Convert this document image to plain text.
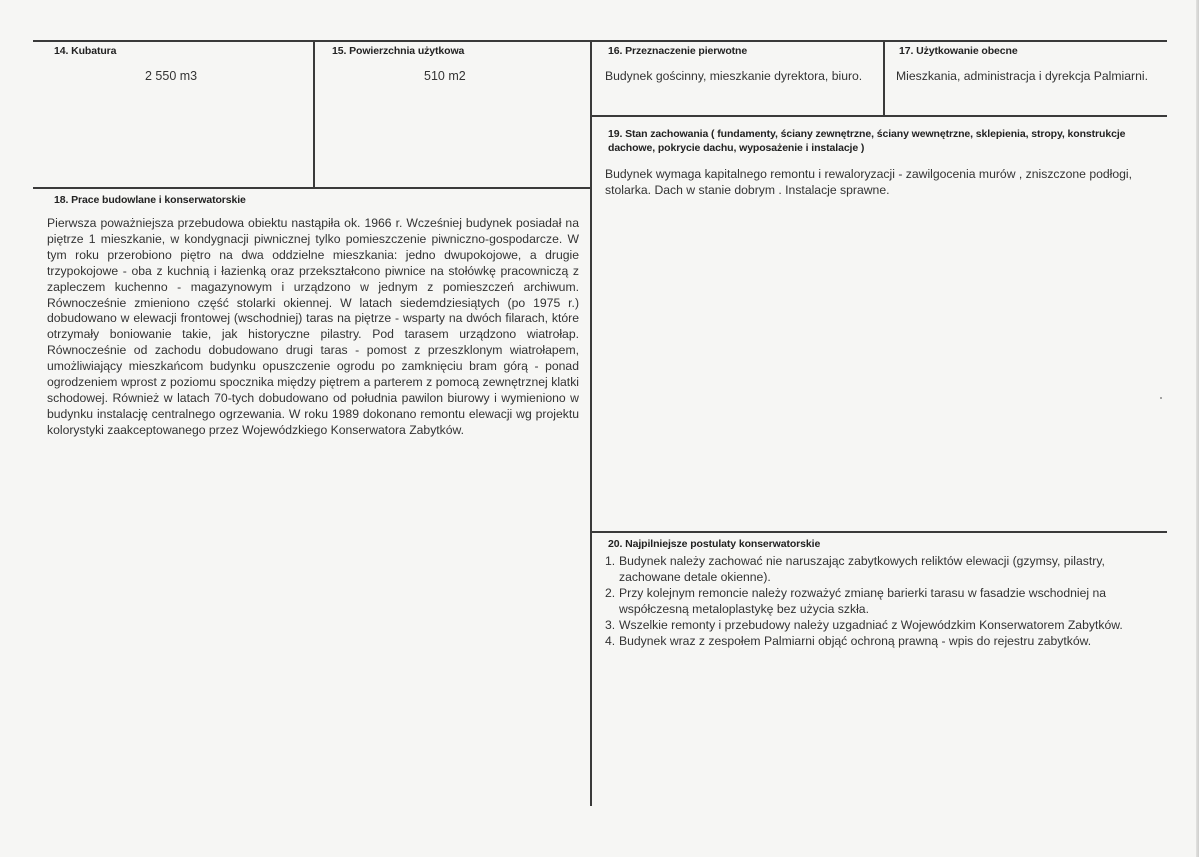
14. Kubatura
2 550 m3
15. Powierzchnia użytkowa
510 m2
16. Przeznaczenie pierwotne
Budynek gościnny, mieszkanie dyrektora, biuro.
17. Użytkowanie obecne
Mieszkania, administracja i dyrekcja Palmiarni.
19. Stan zachowania ( fundamenty, ściany zewnętrzne, ściany wewnętrzne, sklepienia, stropy, konstrukcje dachowe, pokrycie dachu, wyposażenie i instalacje )
Budynek wymaga kapitalnego remontu i rewaloryzacji - zawilgocenia murów , zniszczone podłogi, stolarka. Dach w stanie dobrym . Instalacje sprawne.
18. Prace budowlane i konserwatorskie
Pierwsza poważniejsza przebudowa obiektu nastąpiła ok. 1966 r. Wcześniej budynek posiadał na piętrze 1 mieszkanie, w kondygnacji piwnicznej tylko pomieszczenie piwniczno-gospodarcze. W tym roku przerobiono piętro na dwa oddzielne mieszkania: jedno dwupokojowe, a drugie trzypokojowe - oba z kuchnią i łazienką oraz przekształcono piwnice na stołówkę pracowniczą z zapleczem kuchenno - magazynowym i urządzono w jednym z pomieszczeń archiwum. Równocześnie zmieniono część stolarki okiennej. W latach siedemdziesiątych (po 1975 r.) dobudowano w elewacji frontowej (wschodniej) taras na piętrze - wsparty na dwóch filarach, które otrzymały boniowanie takie, jak historyczne pilastry. Pod tarasem urządzono wiatrołap. Równocześnie od zachodu dobudowano drugi taras - pomost z przeszklonym wiatrołapem, umożliwiający mieszkańcom budynku opuszczenie ogrodu po zamknięciu bram górą - ponad ogrodzeniem wprost z poziomu spocznika między piętrem a parterem z pomocą zewnętrznej klatki schodowej. Również w latach 70-tych dobudowano od południa pawilon biurowy i wymieniono w budynku instalację centralnego ogrzewania. W roku 1989 dokonano remontu elewacji wg projektu kolorystyki zaakceptowanego przez Wojewódzkiego Konserwatora Zabytków.
20. Najpilniejsze postulaty konserwatorskie
1. Budynek należy zachować nie naruszając zabytkowych reliktów elewacji (gzymsy, pilastry, zachowane detale okienne).
2. Przy kolejnym remoncie należy rozważyć zmianę barierki tarasu w fasadzie wschodniej na współczesną metaloplastykę bez użycia szkła.
3. Wszelkie remonty i przebudowy należy uzgadniać z Wojewódzkim Konserwatorem Zabytków.
4. Budynek wraz z zespołem Palmiarni objąć ochroną prawną - wpis do rejestru zabytków.
